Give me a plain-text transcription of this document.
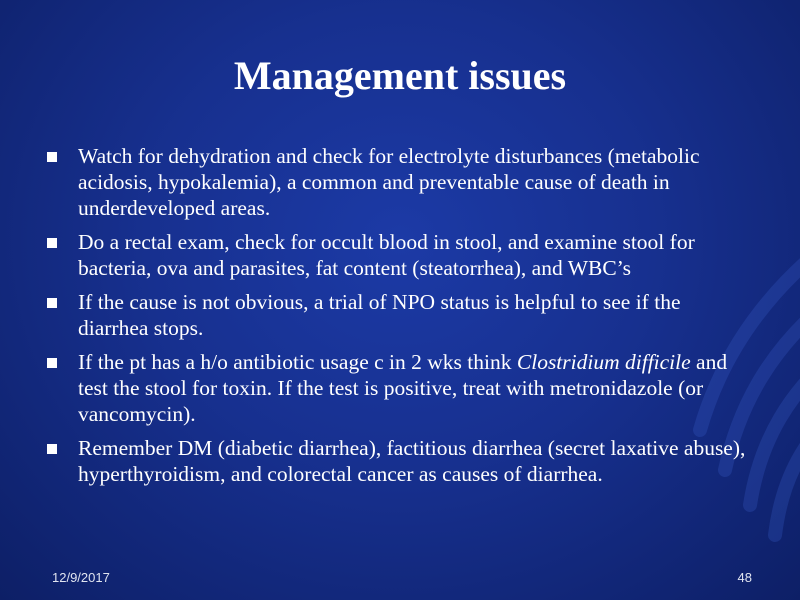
Management issues
Watch for dehydration and check for electrolyte disturbances (metabolic acidosis, hypokalemia), a common and preventable cause of death in underdeveloped areas.
Do a rectal exam, check for occult blood in stool, and examine stool for bacteria, ova and parasites, fat content (steatorrhea), and WBC’s
If the cause is not obvious, a trial of NPO status is helpful to see if the diarrhea stops.
If the pt has a h/o antibiotic usage c in 2 wks think Clostridium difficile and test the stool for toxin. If the test is positive, treat with metronidazole (or vancomycin).
Remember DM (diabetic diarrhea), factitious diarrhea (secret laxative abuse), hyperthyroidism, and colorectal cancer as causes of diarrhea.
12/9/2017	48
